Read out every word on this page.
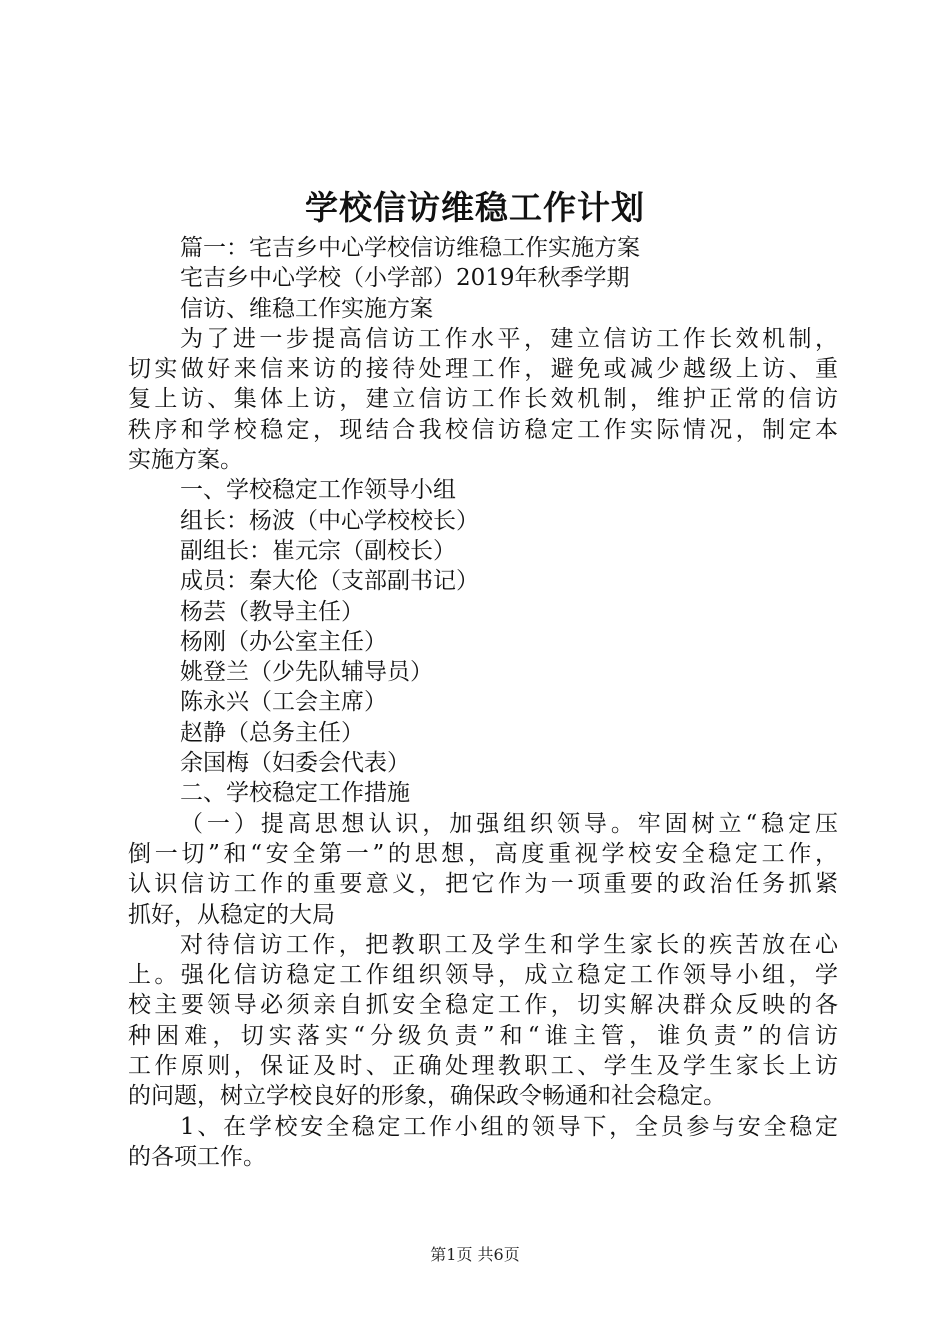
学校信访维稳工作计划
篇一：宅吉乡中心学校信访维稳工作实施方案
宅吉乡中心学校（小学部）2019年秋季学期
信访、维稳工作实施方案
为了进一步提高信访工作水平，建立信访工作长效机制，
切实做好来信来访的接待处理工作，避免或减少越级上访、重
复上访、集体上访，建立信访工作长效机制，维护正常的信访
秩序和学校稳定，现结合我校信访稳定工作实际情况，制定本
实施方案。
一、学校稳定工作领导小组
组长：杨波（中心学校校长）
副组长：崔元宗（副校长）
成员：秦大伦（支部副书记）
杨芸（教导主任）
杨刚（办公室主任）
姚登兰（少先队辅导员）
陈永兴（工会主席）
赵静（总务主任）
余国梅（妇委会代表）
二、学校稳定工作措施
（一）提高思想认识，加强组织领导。牢固树立“稳定压
倒一切”和“安全第一”的思想，高度重视学校安全稳定工作，
认识信访工作的重要意义，把它作为一项重要的政治任务抓紧
抓好，从稳定的大局
对待信访工作，把教职工及学生和学生家长的疾苦放在心
上。强化信访稳定工作组织领导，成立稳定工作领导小组，学
校主要领导必须亲自抓安全稳定工作，切实解决群众反映的各
种困难，切实落实“分级负责”和“谁主管，谁负责”的信访
工作原则，保证及时、正确处理教职工、学生及学生家长上访
的问题，树立学校良好的形象，确保政令畅通和社会稳定。
1、在学校安全稳定工作小组的领导下，全员参与安全稳定
的各项工作。
第1页 共6页
